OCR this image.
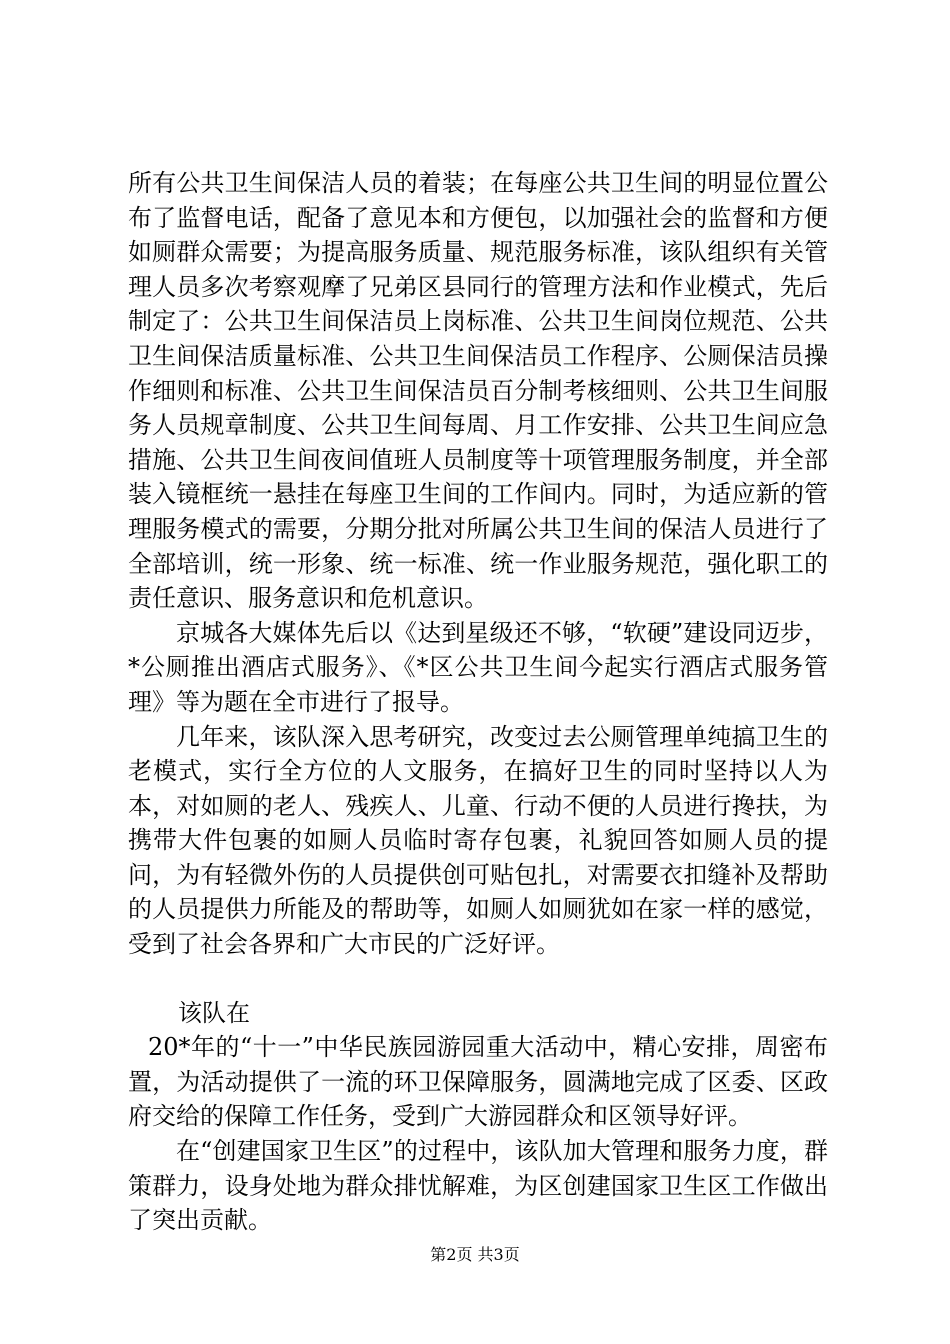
所有公共卫生间保洁人员的着装；在每座公共卫生间的明显位置公布了监督电话，配备了意见本和方便包，以加强社会的监督和方便如厕群众需要；为提高服务质量、规范服务标准，该队组织有关管理人员多次考察观摩了兄弟区县同行的管理方法和作业模式，先后制定了：公共卫生间保洁员上岗标准、公共卫生间岗位规范、公共卫生间保洁质量标准、公共卫生间保洁员工作程序、公厕保洁员操作细则和标准、公共卫生间保洁员百分制考核细则、公共卫生间服务人员规章制度、公共卫生间每周、月工作安排、公共卫生间应急措施、公共卫生间夜间值班人员制度等十项管理服务制度，并全部装入镜框统一悬挂在每座卫生间的工作间内。同时，为适应新的管理服务模式的需要，分期分批对所属公共卫生间的保洁人员进行了全部培训，统一形象、统一标准、统一作业服务规范，强化职工的责任意识、服务意识和危机意识。

京城各大媒体先后以《达到星级还不够，“软硬”建设同迈步，*公厕推出酒店式服务》、《*区公共卫生间今起实行酒店式服务管理》等为题在全市进行了报导。

几年来，该队深入思考研究，改变过去公厕管理单纯搞卫生的老模式，实行全方位的人文服务，在搞好卫生的同时坚持以人为本，对如厕的老人、残疾人、儿童、行动不便的人员进行搀扶，为携带大件包裹的如厕人员临时寄存包裹，礼貌回答如厕人员的提问，为有轻微外伤的人员提供创可贴包扎，对需要衣扣缝补及帮助的人员提供力所能及的帮助等，如厕人如厕犹如在家一样的感觉，受到了社会各界和广大市民的广泛好评。

该队在

20*年的“十一”中华民族园游园重大活动中，精心安排，周密布置，为活动提供了一流的环卫保障服务，圆满地完成了区委、区政府交给的保障工作任务，受到广大游园群众和区领导好评。

在“创建国家卫生区”的过程中，该队加大管理和服务力度，群策群力，设身处地为群众排忧解难，为区创建国家卫生区工作做出了突出贡献。

第2页 共3页
